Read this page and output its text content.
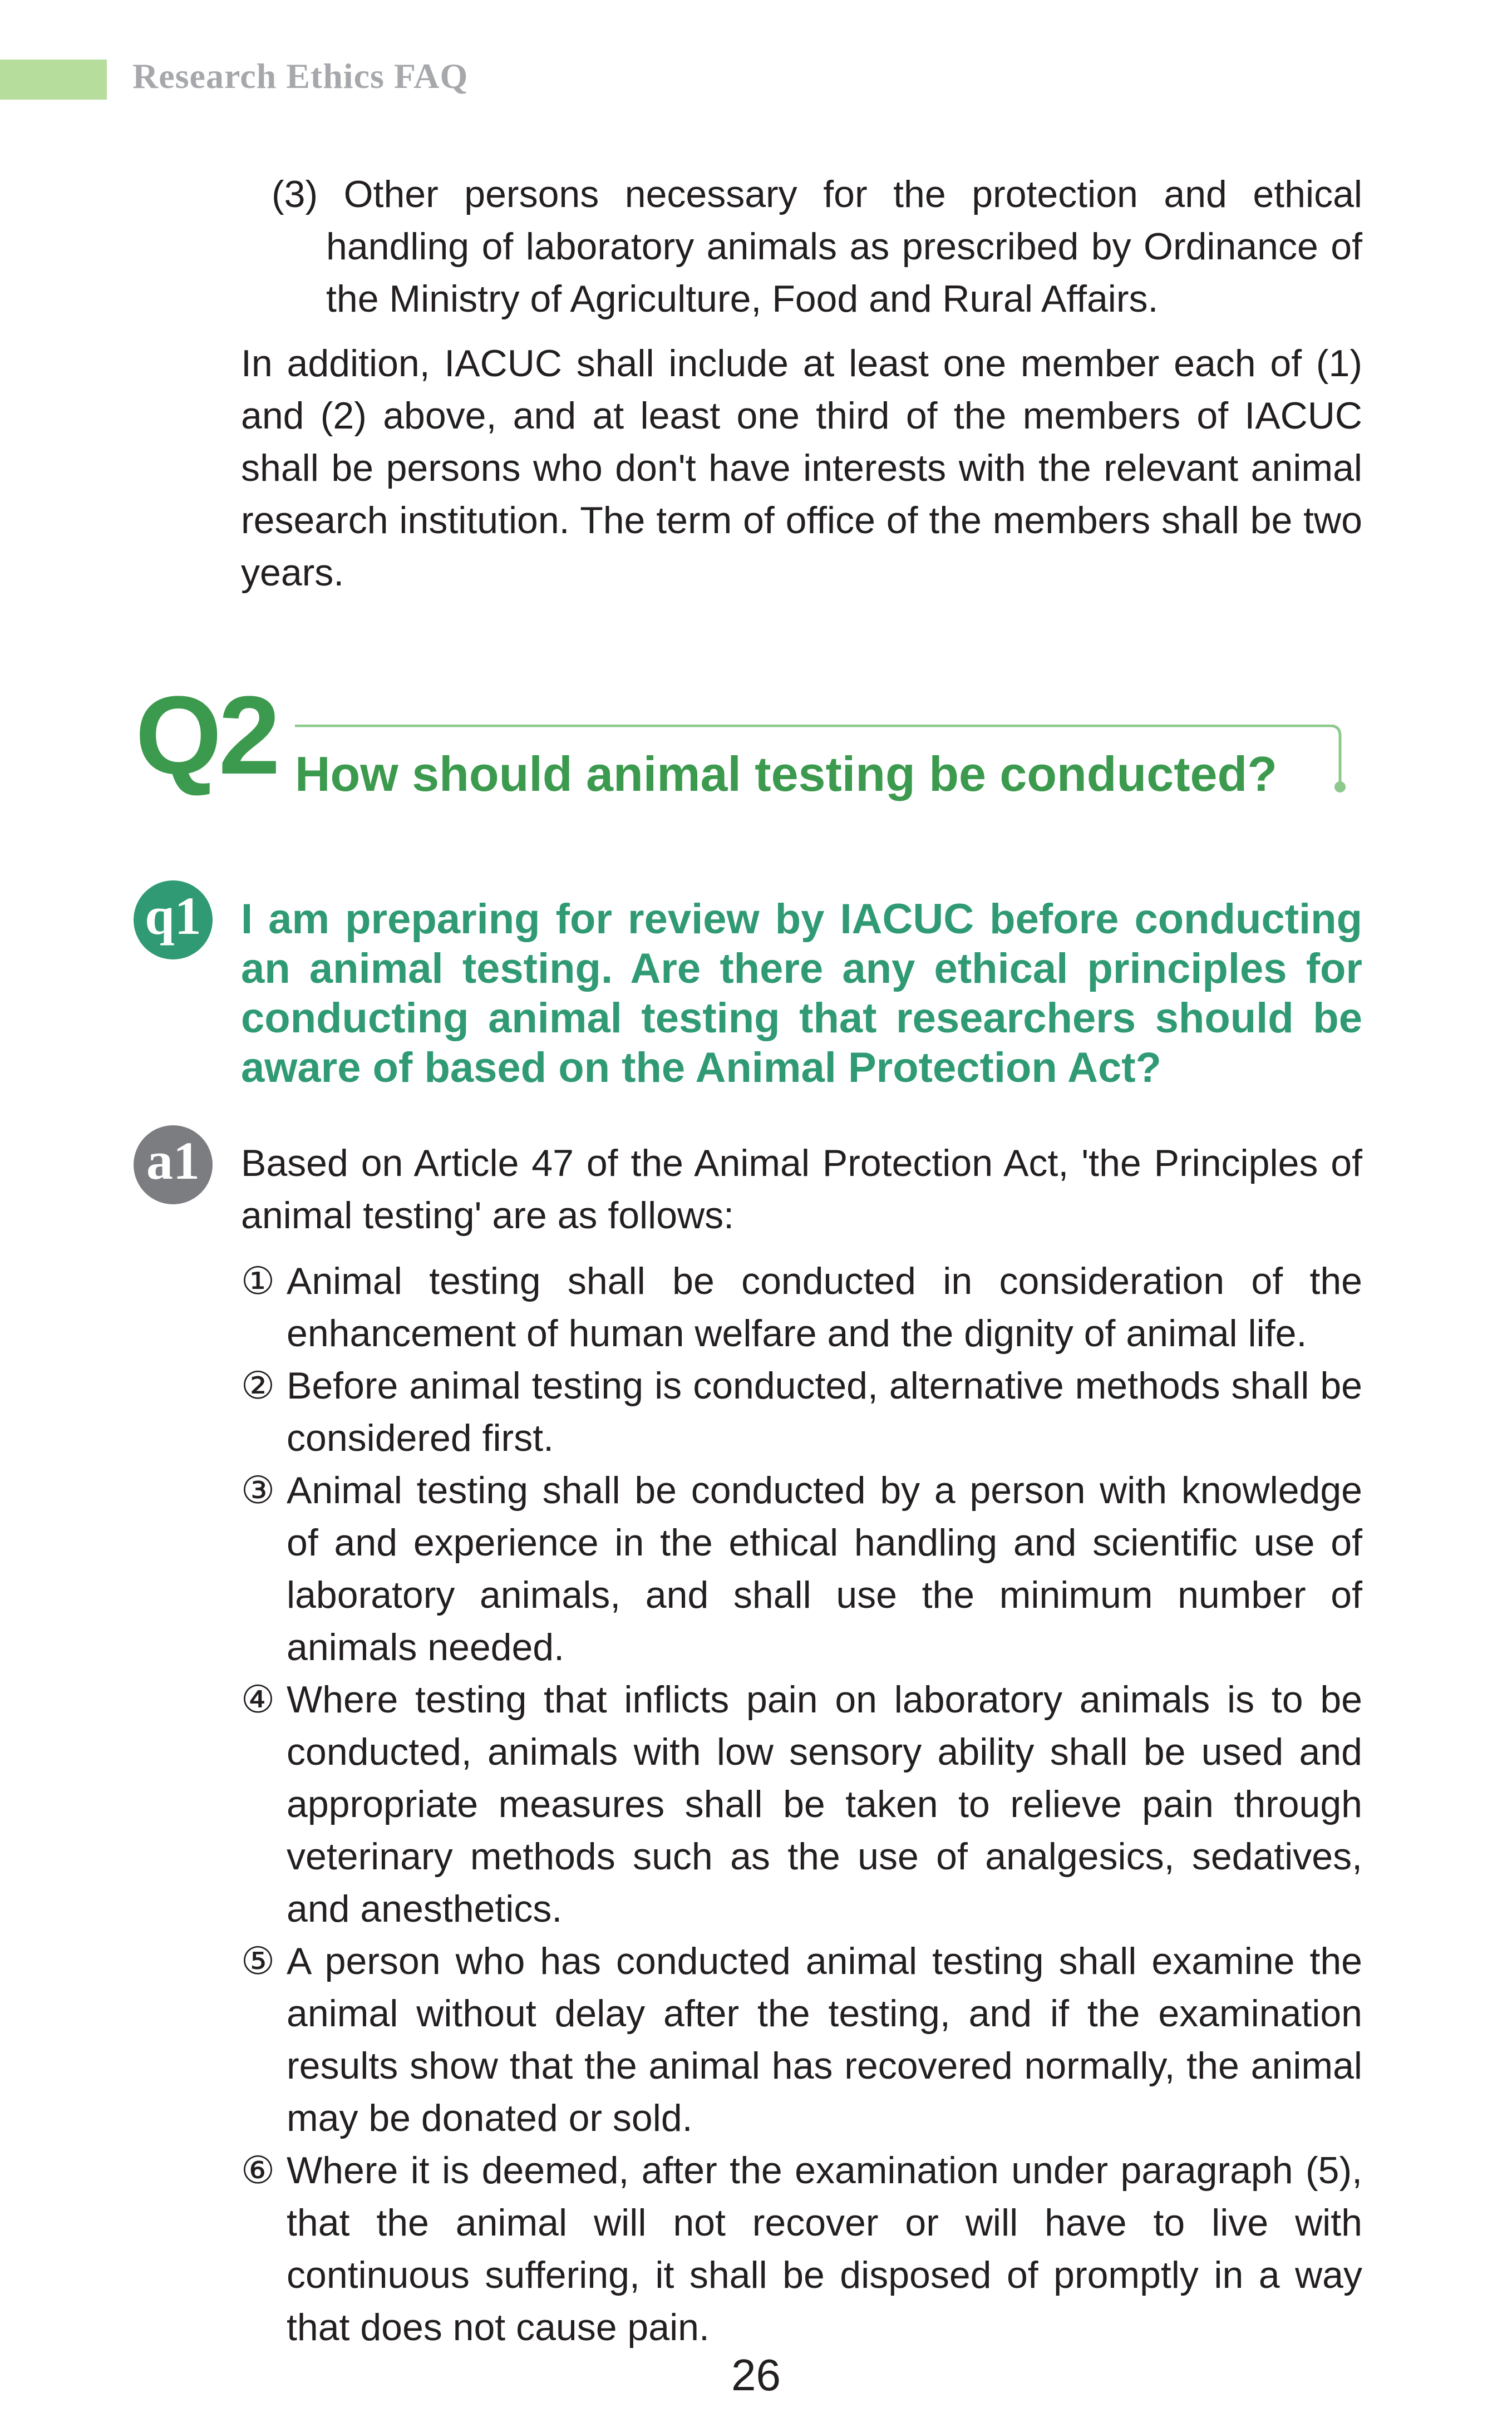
Research Ethics FAQ
(3) Other persons necessary for the protection and ethical handling of laboratory animals as prescribed by Ordinance of the Ministry of Agriculture, Food and Rural Affairs.
In addition, IACUC shall include at least one member each of (1) and (2) above, and at least one third of the members of IACUC shall be persons who don't have interests with the relevant animal research institution. The term of office of the members shall be two years.
Q2 How should animal testing be conducted?
q1 I am preparing for review by IACUC before conducting an animal testing. Are there any ethical principles for conducting animal testing that researchers should be aware of based on the Animal Protection Act?
a1	Based on Article 47 of the Animal Protection Act, 'the Principles of animal testing' are as follows:
① Animal testing shall be conducted in consideration of the enhancement of human welfare and the dignity of animal life.
② Before animal testing is conducted, alternative methods shall be considered first.
③ Animal testing shall be conducted by a person with knowledge of and experience in the ethical handling and scientific use of laboratory animals, and shall use the minimum number of animals needed.
④ Where testing that inflicts pain on laboratory animals is to be conducted, animals with low sensory ability shall be used and appropriate measures shall be taken to relieve pain through veterinary methods such as the use of analgesics, sedatives, and anesthetics.
⑤ A person who has conducted animal testing shall examine the animal without delay after the testing, and if the examination results show that the animal has recovered normally, the animal may be donated or sold.
⑥ Where it is deemed, after the examination under paragraph (5), that the animal will not recover or will have to live with continuous suffering, it shall be disposed of promptly in a way that does not cause pain.
26
